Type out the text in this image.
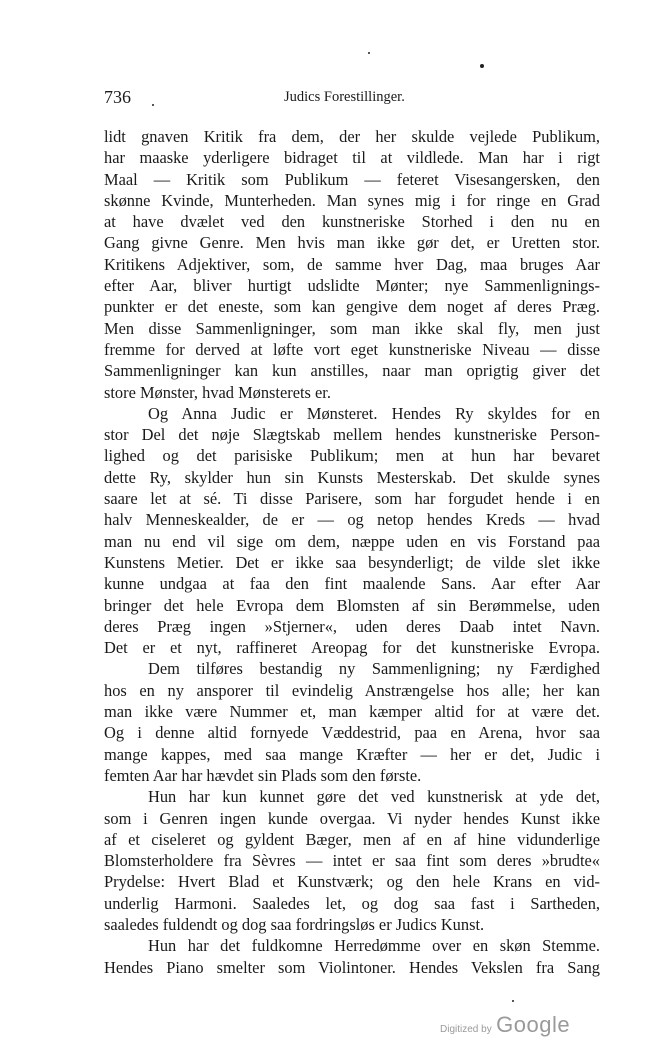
736	Judics Forestillinger.
lidt gnaven Kritik fra dem, der her skulde vejlede Publikum,
har maaske yderligere bidraget til at vildlede. Man har i rigt
Maal — Kritik som Publikum — feteret Visesangersken, den
skønne Kvinde, Munterheden. Man synes mig i for ringe en Grad
at have dvælet ved den kunstneriske Storhed i den nu en
Gang givne Genre. Men hvis man ikke gør det, er Uretten stor.
Kritikens Adjektiver, som, de samme hver Dag, maa bruges Aar
efter Aar, bliver hurtigt udslidte Mønter; nye Sammenlignings-
punkter er det eneste, som kan gengive dem noget af deres Præg.
Men disse Sammenligninger, som man ikke skal fly, men just
fremme for derved at løfte vort eget kunstneriske Niveau — disse
Sammenligninger kan kun anstilles, naar man oprigtig giver det
store Mønster, hvad Mønsterets er.
Og Anna Judic er Mønsteret. Hendes Ry skyldes for en
stor Del det nøje Slægtskab mellem hendes kunstneriske Person-
lighed og det parisiske Publikum; men at hun har bevaret
dette Ry, skylder hun sin Kunsts Mesterskab. Det skulde synes
saare let at sé. Ti disse Parisere, som har forgudet hende i en
halv Menneskealder, de er — og netop hendes Kreds — hvad
man nu end vil sige om dem, næppe uden en vis Forstand paa
Kunstens Metier. Det er ikke saa besynderligt; de vilde slet ikke
kunne undgaa at faa den fint maalende Sans. Aar efter Aar
bringer det hele Evropa dem Blomsten af sin Berømmelse, uden
deres Præg ingen »Stjerner«, uden deres Daab intet Navn.
Det er et nyt, raffineret Areopag for det kunstneriske Evropa.
Dem tilføres bestandig ny Sammenligning; ny Færdighed
hos en ny ansporer til evindelig Anstrængelse hos alle; her kan
man ikke være Nummer et, man kæmper altid for at være det.
Og i denne altid fornyede Væddestrid, paa en Arena, hvor saa
mange kappes, med saa mange Kræfter — her er det, Judic i
femten Aar har hævdet sin Plads som den første.
Hun har kun kunnet gøre det ved kunstnerisk at yde det,
som i Genren ingen kunde overgaa. Vi nyder hendes Kunst ikke
af et ciseleret og gyldent Bæger, men af en af hine vidunderlige
Blomsterholdere fra Sèvres — intet er saa fint som deres »brudte«
Prydelse: Hvert Blad et Kunstværk; og den hele Krans en vid-
underlig Harmoni. Saaledes let, og dog saa fast i Sartheden,
saaledes fuldendt og dog saa fordringsløs er Judics Kunst.
Hun har det fuldkomne Herredømme over en skøn Stemme.
Hendes Piano smelter som Violintoner. Hendes Vekslen fra Sang
Digitized by Google
